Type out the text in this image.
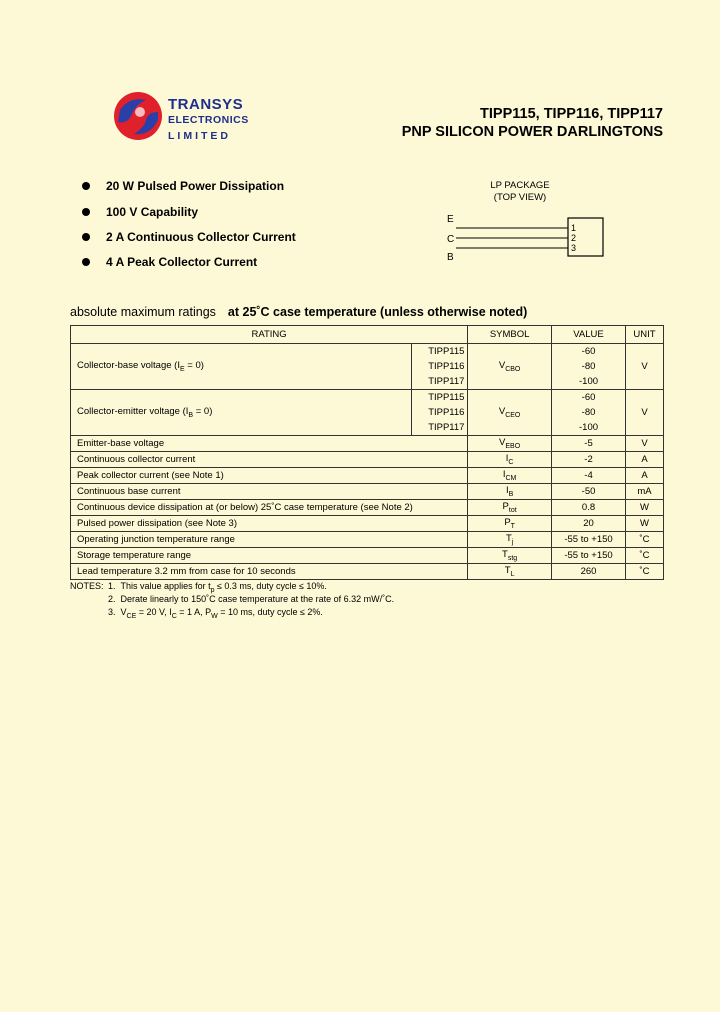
TRANSYS
ELECTRONICS
LIMITED
TIPP115, TIPP116, TIPP117
PNP SILICON POWER DARLINGTONS
20 W Pulsed Power Dissipation
100 V Capability
2 A Continuous Collector Current
4 A Peak Collector Current
LP PACKAGE
(TOP VIEW)
E
C
B
1
2
3
absolute maximum ratings at 25˚C case temperature (unless otherwise noted)
RATING		SYMBOL	VALUE	UNIT
Collector-base voltage $(I_E = 0)$	TIPP115	$V_{CBO}$	-60	V
	TIPP116		-80	
	TIPP117		-100	
Collector-emitter voltage $(I_B = 0)$	TIPP115	$V_{CEO}$	-60	V
	TIPP116		-80	
	TIPP117		-100	
Emitter-base voltage		$V_{EBO}$	-5	V
Continuous collector current		$I_C$	-2	A
Peak collector current (see Note 1)		$I_{CM}$	-4	A
Continuous base current		$I_B$	-50	mA
Continuous device dissipation at (or below) 25˚C case temperature (see Note 2)		$P_{tot}$	0.8	W
Pulsed power dissipation (see Note 3)		$P_T$	20	W
Operating junction temperature range		$T_j$	-55 to +150	˚C
Storage temperature range		$T_{stg}$	-55 to +150	˚C
Lead temperature 3.2 mm from case for 10 seconds		$T_L$	260	˚C
NOTES: 1. This value applies for $t_p \le 0.3$ ms, duty cycle ≤ 10%.
2. Derate linearly to 150˚C case temperature at the rate of 6.32 mW/˚C.
3. $V_{CE} = 20$ V, $I_C = 1$ A, $P_W = 10$ ms, duty cycle ≤ 2%.
